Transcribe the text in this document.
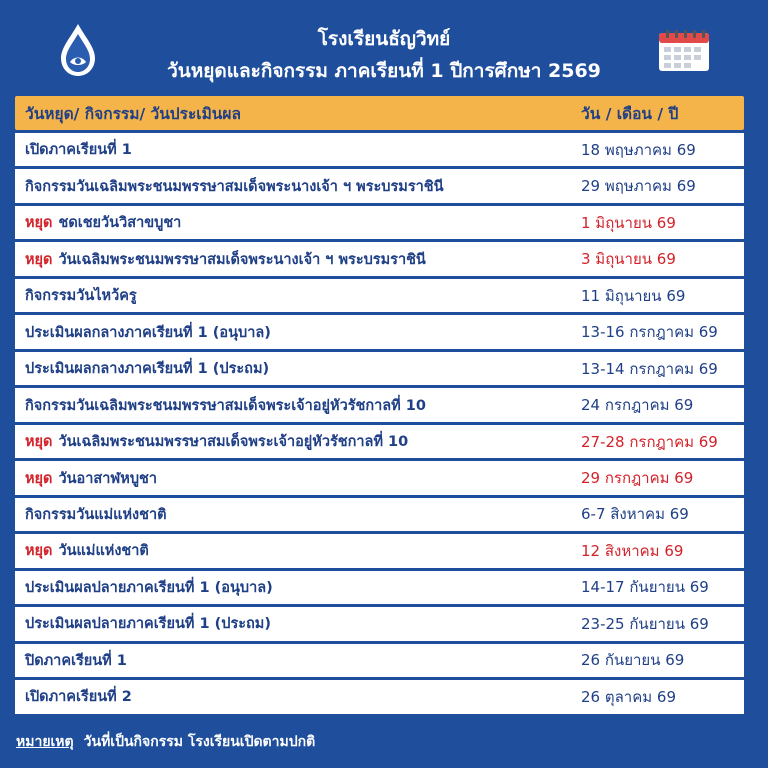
โรงเรียนธัญวิทย์
วันหยุดและกิจกรรม ภาคเรียนที่ 1 ปีการศึกษา 2569
วันหยุด/ กิจกรรม/ วันประเมินผล	วัน / เดือน / ปี
เปิดภาคเรียนที่ 1	18 พฤษภาคม 69
กิจกรรมวันเฉลิมพระชนมพรรษาสมเด็จพระนางเจ้า ฯ พระบรมราชินี	29 พฤษภาคม 69
หยุด ชดเชยวันวิสาขบูชา	1 มิถุนายน 69
หยุด วันเฉลิมพระชนมพรรษาสมเด็จพระนางเจ้า ฯ พระบรมราชินี	3 มิถุนายน 69
กิจกรรมวันไหว้ครู	11 มิถุนายน 69
ประเมินผลกลางภาคเรียนที่ 1 (อนุบาล)	13-16 กรกฎาคม 69
ประเมินผลกลางภาคเรียนที่ 1 (ประถม)	13-14 กรกฎาคม 69
กิจกรรมวันเฉลิมพระชนมพรรษาสมเด็จพระเจ้าอยู่หัวรัชกาลที่ 10	24 กรกฎาคม 69
หยุด วันเฉลิมพระชนมพรรษาสมเด็จพระเจ้าอยู่หัวรัชกาลที่ 10	27-28 กรกฎาคม 69
หยุด วันอาสาฬหบูชา	29 กรกฎาคม 69
กิจกรรมวันแม่แห่งชาติ	6-7 สิงหาคม 69
หยุด วันแม่แห่งชาติ	12 สิงหาคม 69
ประเมินผลปลายภาคเรียนที่ 1 (อนุบาล)	14-17 กันยายน 69
ประเมินผลปลายภาคเรียนที่ 1 (ประถม)	23-25 กันยายน 69
ปิดภาคเรียนที่ 1	26 กันยายน 69
เปิดภาคเรียนที่ 2	26 ตุลาคม 69
หมายเหตุ วันที่เป็นกิจกรรม โรงเรียนเปิดตามปกติ
